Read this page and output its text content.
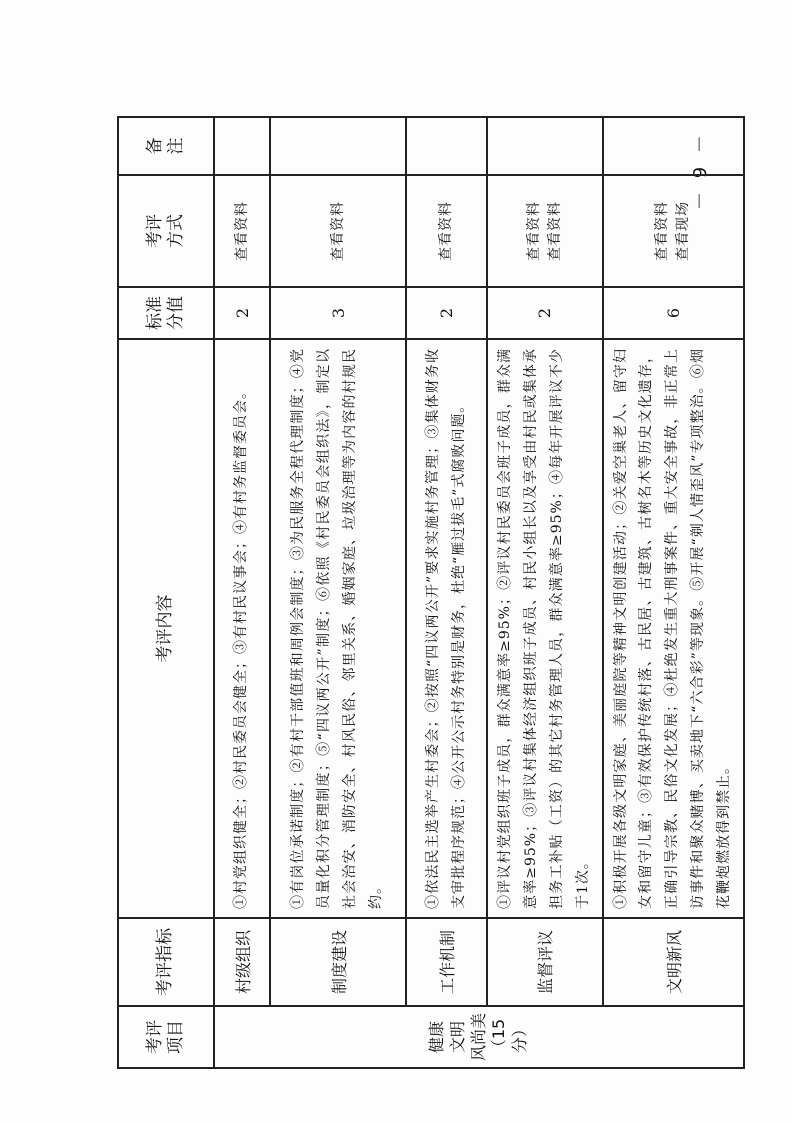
－ 9 －
考评 项目	考评指标	考评内容	标准 分值	考评 方式	备 注

健康 文明 风尚美 （15 分）	村级组织	①村党组织健全；②村民委员会健全；③有村民议事会；④有村务监督委员会。	2	查看资料	

	制度建设	①有岗位承诺制度；②有村干部值班和周例会制度；③为民服务全程代理制度；④党员量化积分管理制度；⑤“四议两公开”制度；⑥依照《村民委员会组织法》，制定以社会治安、消防安全、村风民俗、邻里关系、婚姻家庭、垃圾治理等为内容的村规民约。	3	查看资料	

	工作机制	①依法民主选举产生村委会；②按照“四议两公开”要求实施村务管理；③集体财务收支审批程序规范；④公开公示村务特别是财务，杜绝“雁过拔毛”式腐败问题。	2	查看资料	

	监督评议	①评议村党组织班子成员，群众满意率≥95%；②评议村民委员会班子成员，群众满意率≥95%；③评议村集体经济组织班子成员、村民小组长以及享受由村民或集体承担务工补贴（工资）的其它村务管理人员，群众满意率≥95%；④每年开展评议不少于1次。	2	查看资料 查看资料	

	文明新风	①积极开展各级文明家庭、美丽庭院等精神文明创建活动；②关爱空巢老人、留守妇女和留守儿童；③有效保护传统村落、古民居、古建筑、古树名木等历史文化遗存，正确引导宗教、民俗文化发展；④杜绝发生重大刑事案件、重大安全事故，非正常上访事件和聚众赌博、买卖地下“六合彩”等现象。⑤开展“剃人情歪风”专项整治。⑥烟花鞭炮燃放得到禁止。	6	查看资料 查看现场	
